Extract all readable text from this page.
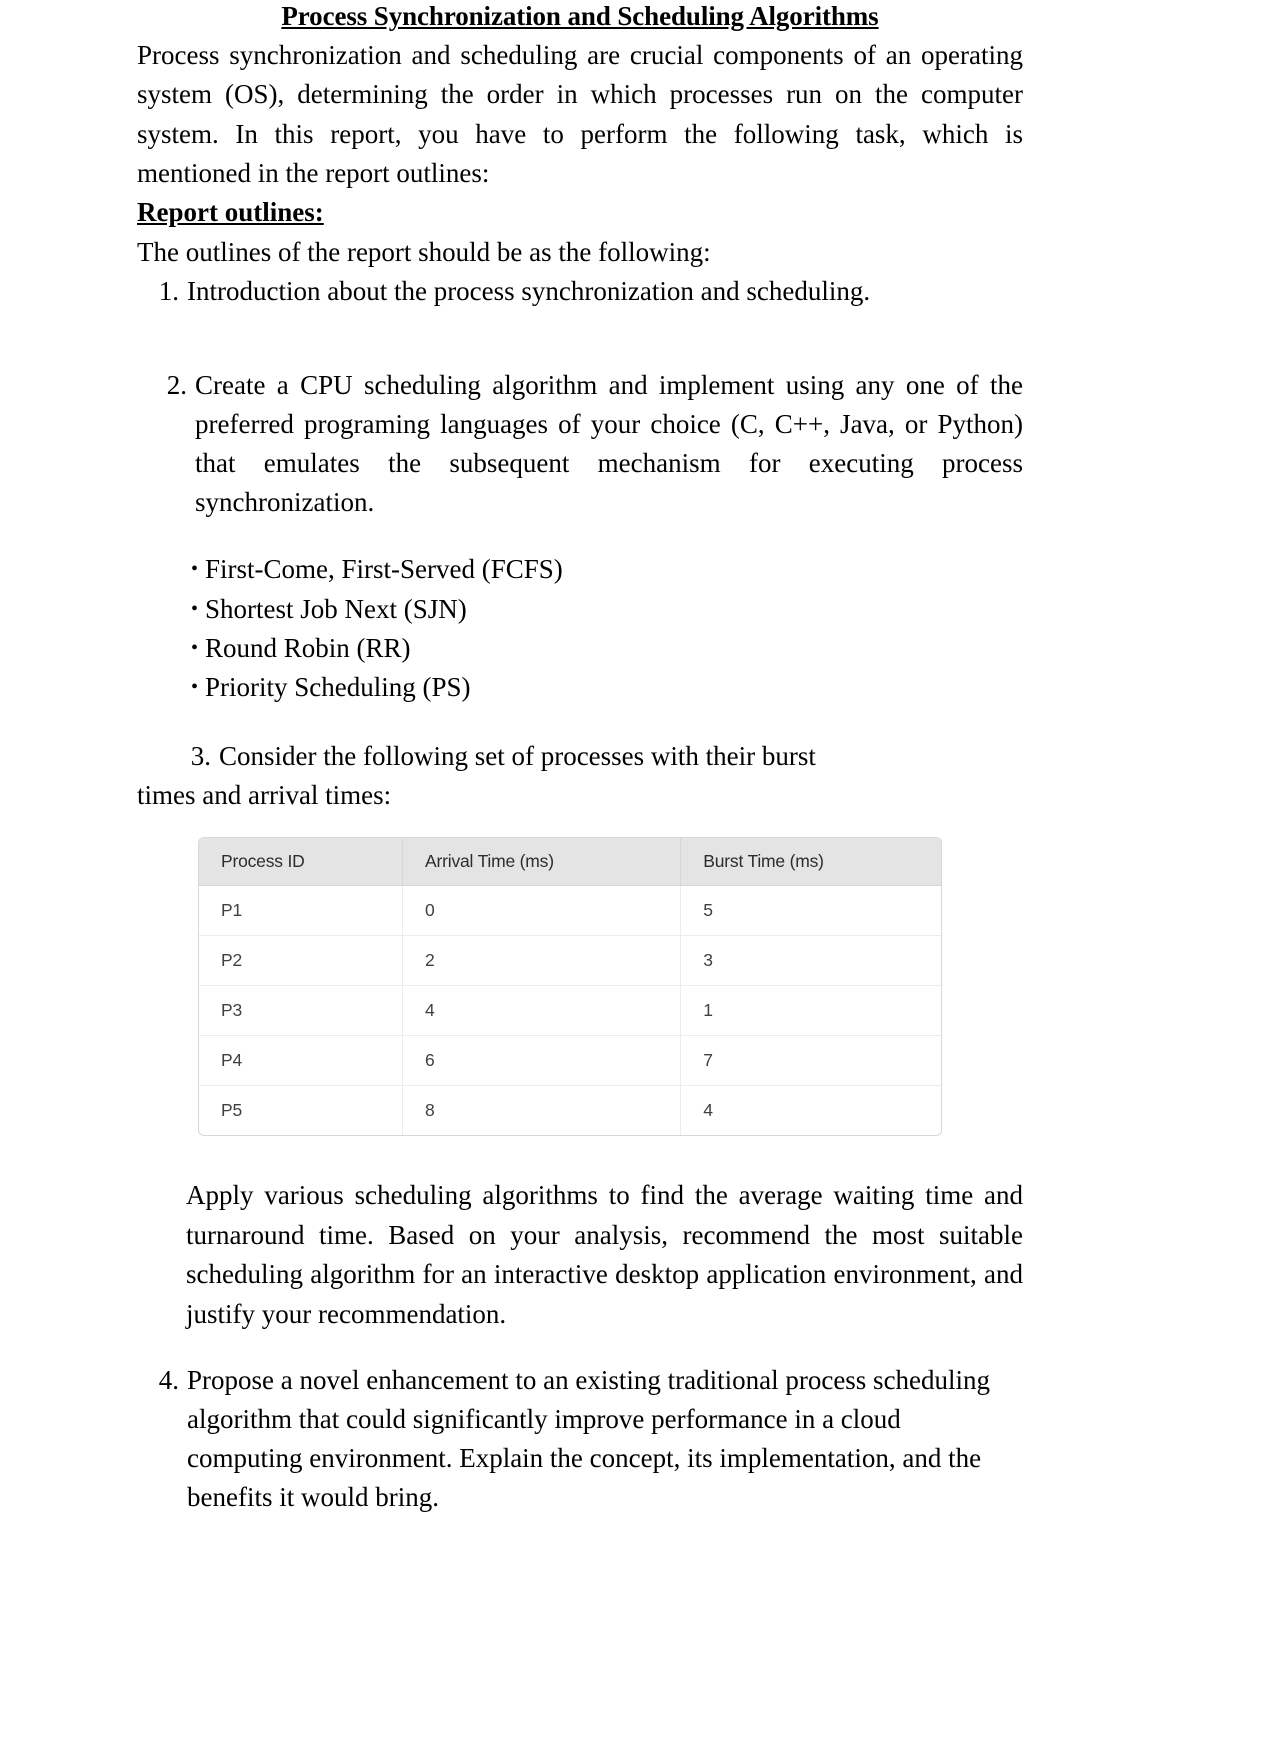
Process Synchronization and Scheduling Algorithms

Process synchronization and scheduling are crucial components of an operating system (OS), determining the order in which processes run on the computer system. In this report, you have to perform the following task, which is mentioned in the report outlines:

Report outlines:

The outlines of the report should be as the following:

1. Introduction about the process synchronization and scheduling.
2. Create a CPU scheduling algorithm and implement using any one of the preferred programing languages of your choice (C, C++, Java, or Python) that emulates the subsequent mechanism for executing process synchronization.
• First-Come, First-Served (FCFS)
• Shortest Job Next (SJN)
• Round Robin (RR)
• Priority Scheduling (PS)
3. Consider the following set of processes with their burst

times and arrival times:

Process ID	Arrival Time (ms)	Burst Time (ms)
P1	0	5
P2	2	3
P3	4	1
P4	6	7
P5	8	4

Apply various scheduling algorithms to find the average waiting time and turnaround time. Based on your analysis, recommend the most suitable scheduling algorithm for an interactive desktop application environment, and justify your recommendation.

4. Propose a novel enhancement to an existing traditional process scheduling algorithm that could significantly improve performance in a cloud computing environment. Explain the concept, its implementation, and the benefits it would bring.
